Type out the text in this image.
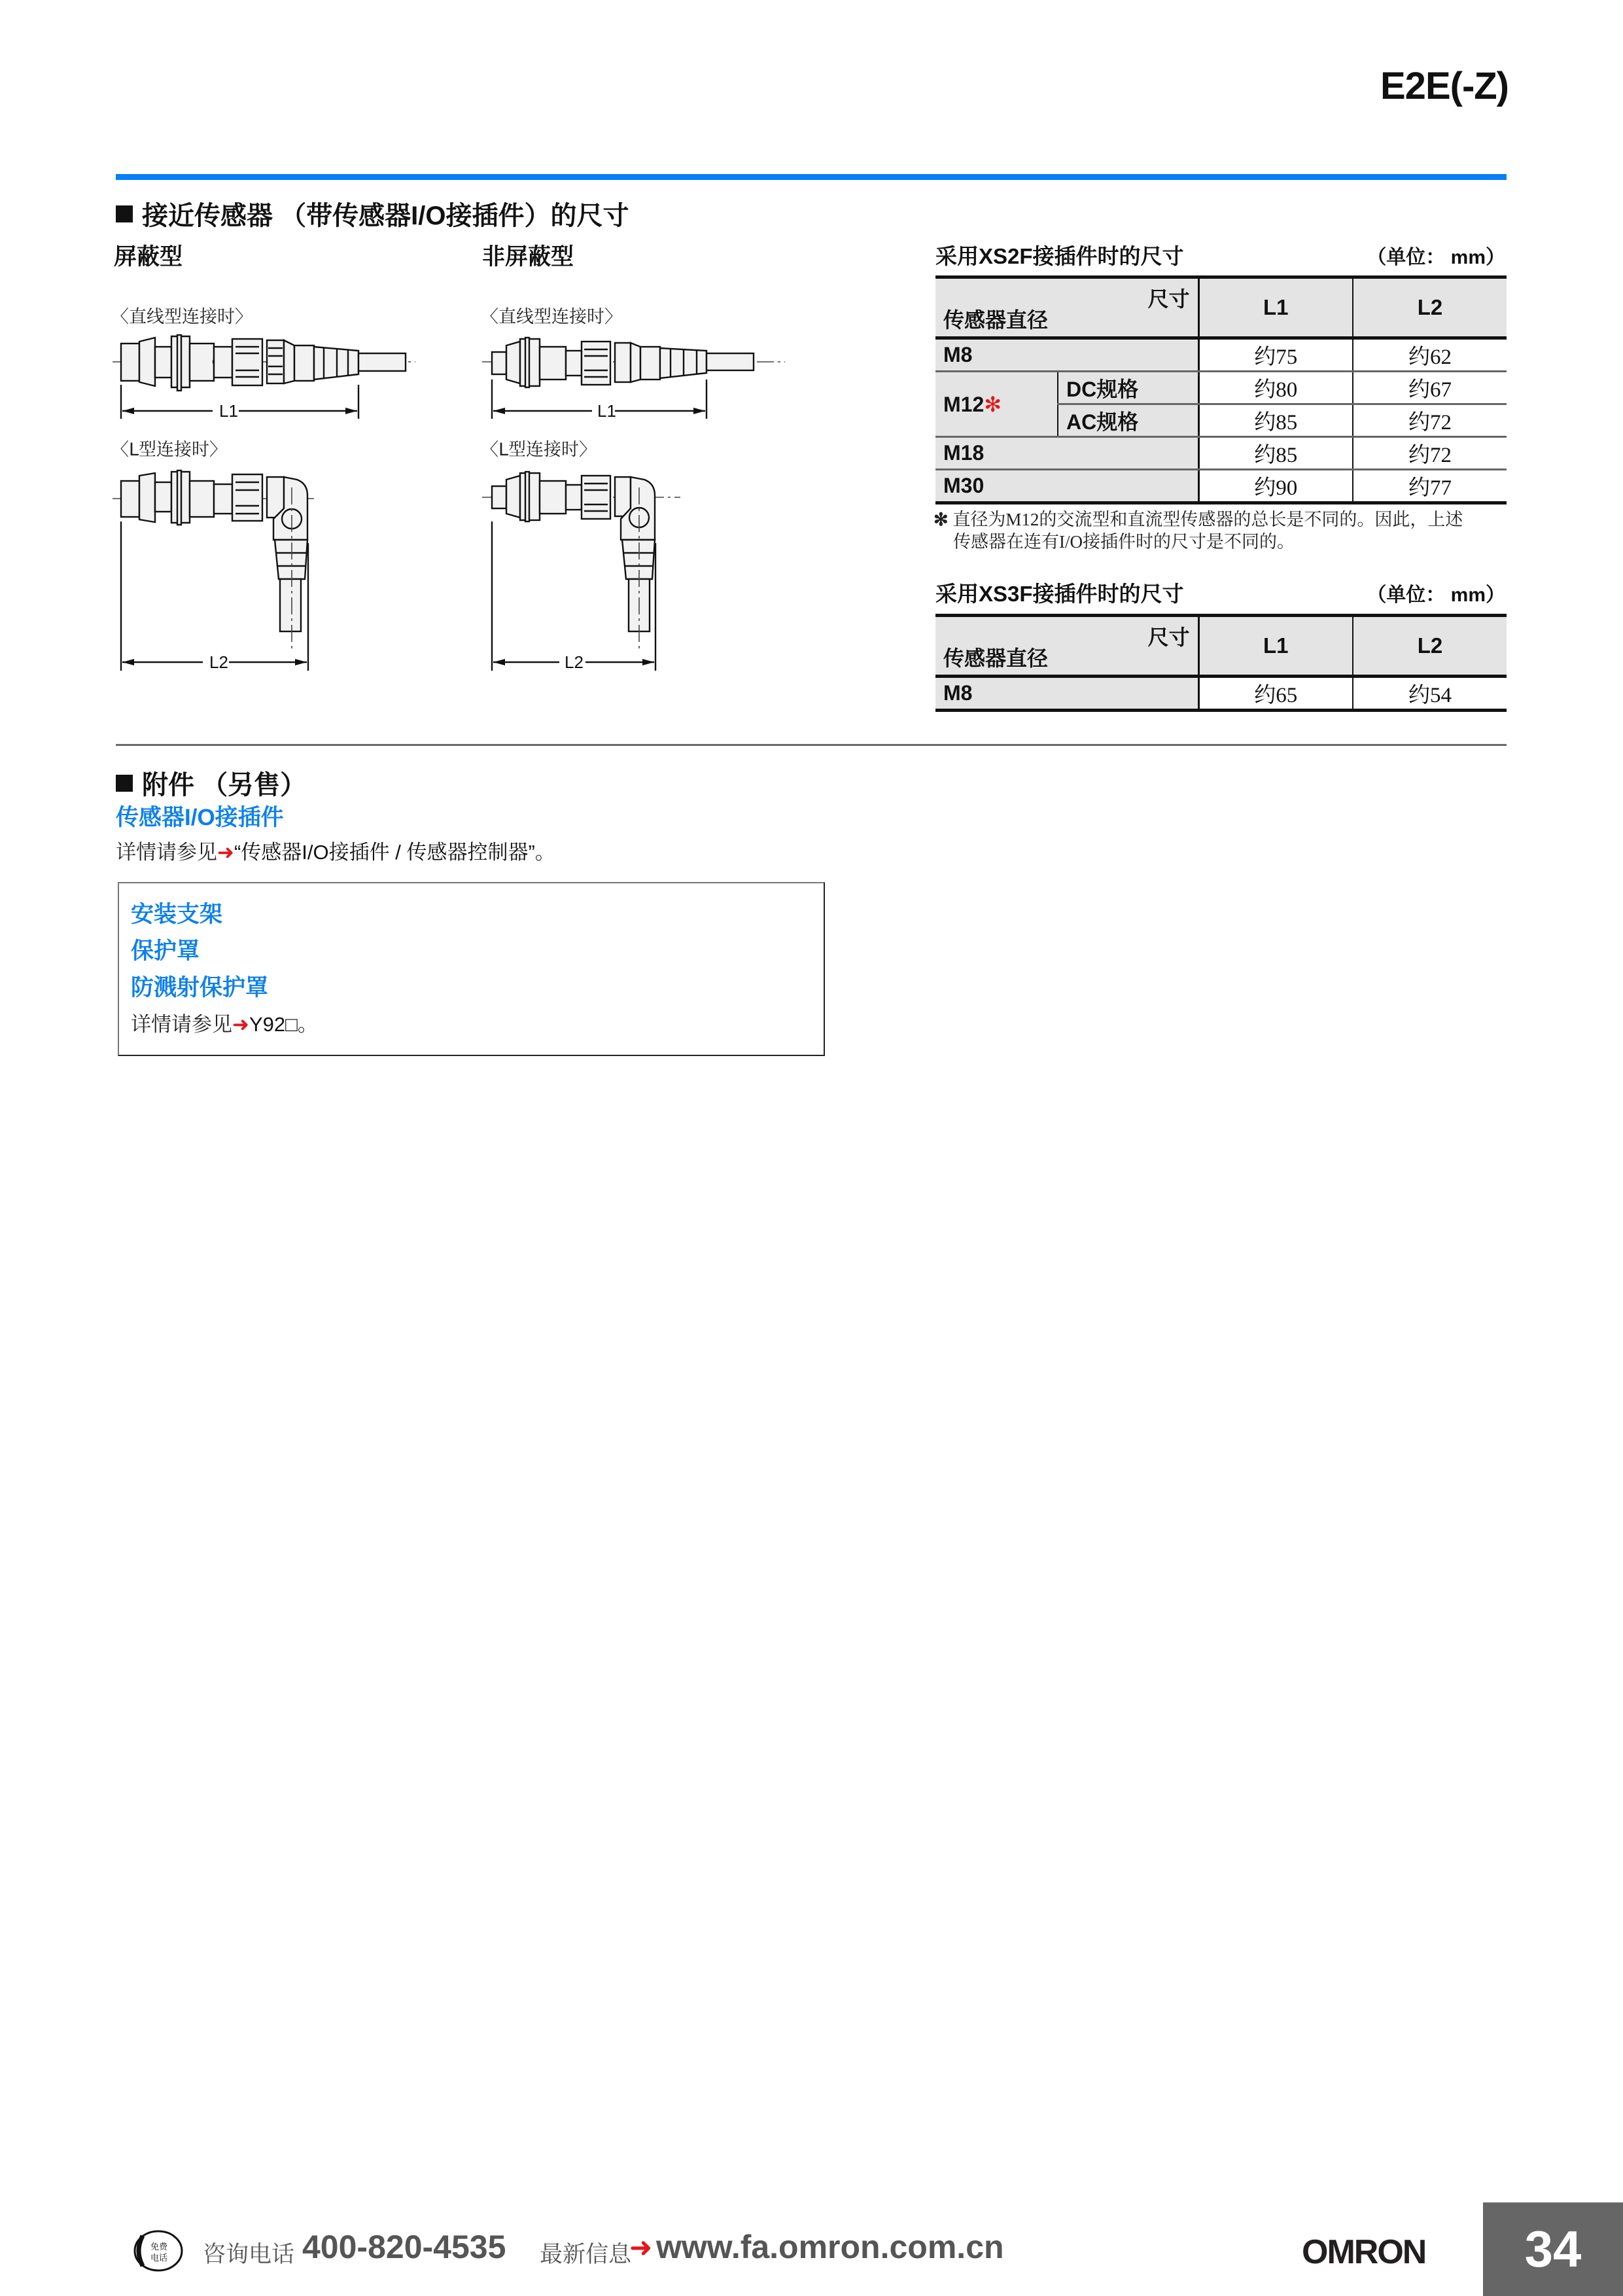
E2E(-Z)
接近传感器 （带传感器I/O接插件）的尺寸
屏蔽型	非屏蔽型
〈直线型连接时〉
L1
〈L型连接时〉
L2
〈直线型连接时〉
L1
〈L型连接时〉
L2
采用XS2F接插件时的尺寸	（单位： mm）
尺寸
传感器直径		L1	L2
M8		约75	约62
M12✻	DC规格	约80	约67
	AC规格	约85	约72
M18		约85	约72
M30		约90	约77
✻ 直径为M12的交流型和直流型传感器的总长是不同的。因此，上述
传感器在连有I/O接插件时的尺寸是不同的。
采用XS3F接插件时的尺寸	（单位： mm）
尺寸
传感器直径	L1	L2
M8	约65	约54
附件 （另售）
传感器I/O接插件
详情请参见➜“传感器I/O接插件 / 传感器控制器”。
安装支架
保护罩
防溅射保护罩
详情请参见➜Y92□。
免费
电话 咨询电话 400-820-4535 最新信息
➜ www.fa.omron.com.cn	OMRON	34
